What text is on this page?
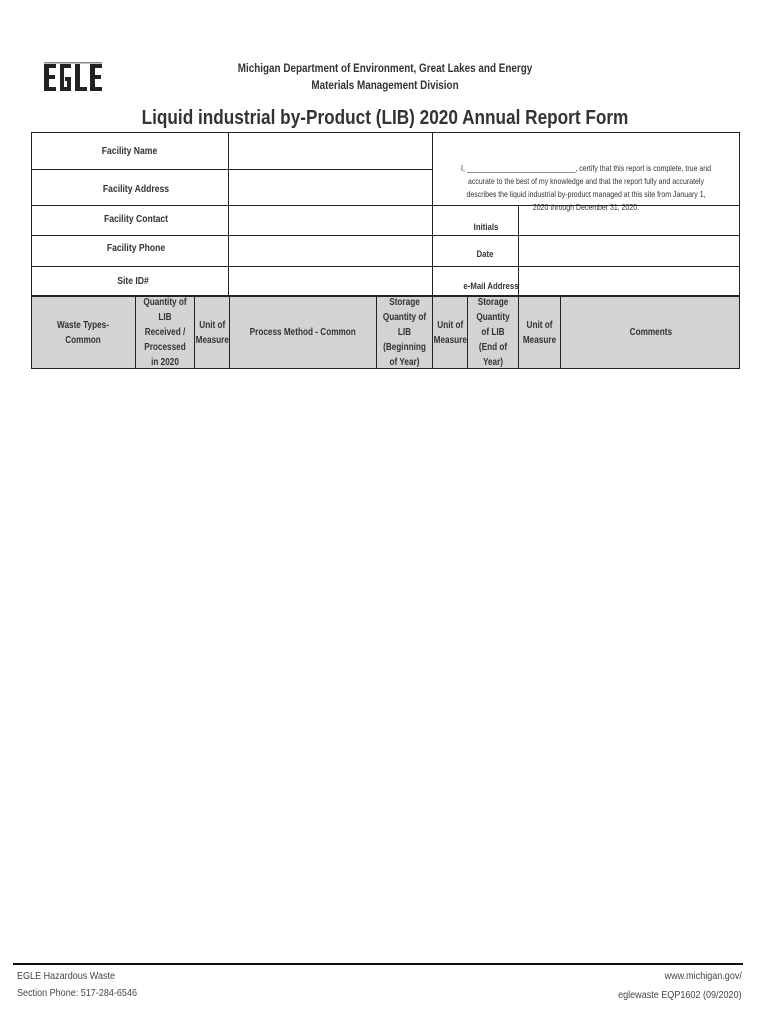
Michigan Department of Environment, Great Lakes and Energy
Materials Management Division
Liquid industrial by-Product (LIB) 2020 Annual Report Form
Facility Name
Facility Address
Facility Contact
Facility Phone
Site ID#
I, ____________________________, certify that this report is complete, true and accurate to the best of my knowledge and that the report fully and accurately describes the liquid industrial by-product managed at this site from January 1, 2020 through December 31, 2020.
Initials
Date
e-Mail Address
Waste Types-Common
Quantity of LIB Received / Processed in 2020
Unit of Measure
Process Method - Common
Storage Quantity of LIB (Beginning of Year)
Unit of Measure
Storage Quantity of LIB (End of Year)
Unit of Measure
Comments
EGLE Hazardous Waste
Section Phone: 517-284-6546
www.michigan.gov/
eglewaste EQP1602 (09/2020)
